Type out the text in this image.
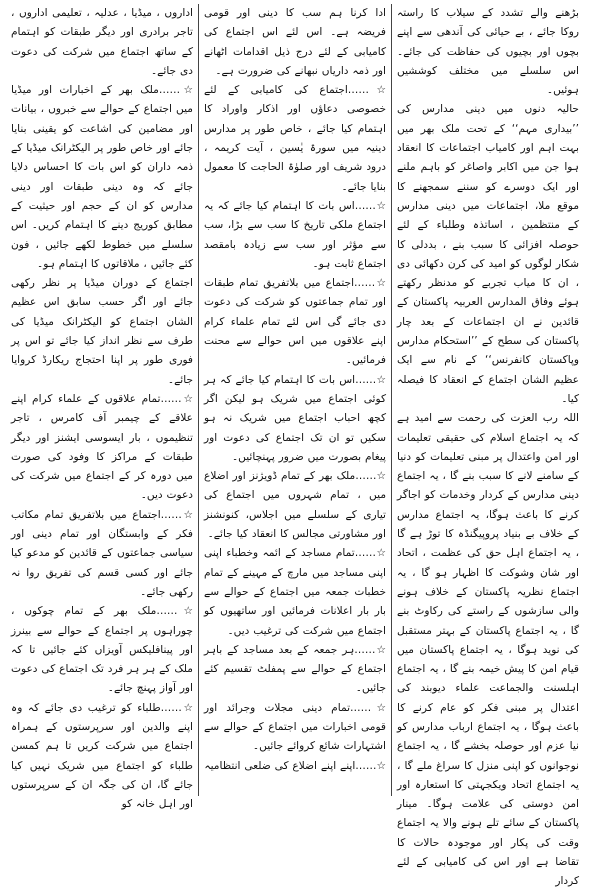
بڑھنے والے تشدد کے سیلاب کا راستہ روکا جائے ، بے حیائی کی آندھی سے اپنے بچوں اور بچیوں کی حفاظت کی جائے۔ اس سلسلے میں مختلف کوششیں ہوئیں۔

حالیہ دنوں میں دینی مدارس کی ’’بیداری مہم‘‘ کے تحت ملک بھر میں بہت اہم اور کامیاب اجتماعات کا انعقاد ہوا جن میں اکابر واصاغر کو باہم ملنے اور ایک دوسرے کو سننے سمجھنے کا موقع ملا، اجتماعات میں دینی مدارس کے منتظمین ، اساتذہ وطلباء کے لئے حوصلہ افزائی کا سبب بنے ، بددلی کا شکار لوگوں کو امید کی کرن دکھائی دی ، ان کا میاب تجربے کو مدنظر رکھتے ہوئے وفاق المدارس العربیہ پاکستان کے قائدین نے ان اجتماعات کے بعد چار پاکستان کی سطح کے ’’استحکام مدارس وپاکستان کانفرنس‘‘ کے نام سے ایک عظیم الشان اجتماع کے انعقاد کا فیصلہ کیا۔

اللہ رب العزت کی رحمت سے امید ہے کہ یہ اجتماع اسلام کی حقیقی تعلیمات اور امن واعتدال پر مبنی تعلیمات کو دنیا کے سامنے لانے کا سبب بنے گا ، یہ اجتماع دینی مدارس کے کردار وخدمات کو اجاگر کرنے کا باعث ہوگا، یہ اجتماع مدارس کے خلاف بے بنیاد پروپیگنڈہ کا توڑ ہے گا ، یہ اجتماع اہل حق کی عظمت ، اتحاد اور شان وشوکت کا اظہار ہو گا ، یہ اجتماع نظریہ پاکستان کے خلاف ہونے والی سازشوں کے راستے کی رکاوٹ بنے گا ، یہ اجتماع پاکستان کے بہتر مستقبل کی نوید ہوگا ، یہ اجتماع پاکستان میں قیام امن کا پیش خیمہ بنے گا ، یہ اجتماع اہلسنت والجماعت علماء دیوبند کی اعتدال پر مبنی فکر کو عام کرنے کا باعث ہوگا ، یہ اجتماع ارباب مدارس کو نیا عزم اور حوصلہ بخشے گا ، یہ اجتماع نوجوانوں کو اپنی منزل کا سراغ ملے گا ، یہ اجتماع اتحاد ویکجہتی کا استعارہ اور امن دوستی کی علامت ہوگا۔ مینار پاکستان کے سائے تلے ہونے والا یہ اجتماع وقت کی پکار اور موجودہ حالات کا تقاضا ہے اور اس کی کامیابی کے لئے کردار

ادا کرنا ہم سب کا دینی اور قومی فریضہ ہے۔ اس لئے اس اجتماع کی کامیابی کے لئے درج ذیل اقدامات اٹھانے اور ذمہ داریاں نبھانے کی ضرورت ہے۔

☆……اجتماع کی کامیابی کے لئے خصوصی دعاؤں اور اذکار واوراد کا اہتمام کیا جائے ، خاص طور پر مدارس دینیہ میں سورۃ یٰسین ، آیت کریمہ ، درود شریف اور صلوٰۃ الحاجت کا معمول بنایا جائے۔

☆……اس بات کا اہتمام کیا جائے کہ یہ اجتماع ملکی تاریخ کا سب سے بڑا، سب سے مؤثر اور سب سے زیادہ بامقصد اجتماع ثابت ہو۔

☆……اجتماع میں بلاتفریق تمام طبقات اور تمام جماعتوں کو شرکت کی دعوت دی جائے گی اس لئے تمام علماء کرام اپنے علاقوں میں اس حوالے سے محنت فرمائیں۔

☆……اس بات کا اہتمام کیا جائے کہ ہر کوئی اجتماع میں شریک ہو لیکن اگر کچھ احباب اجتماع میں شریک نہ ہو سکیں تو ان تک اجتماع کی دعوت اور پیغام بصورت میں ضرور پہنچائیں۔

☆……ملک بھر کے تمام ڈویژنز اور اضلاع میں ، تمام شہروں میں اجتماع کی تیاری کے سلسلے میں اجلاس، کنونشنز اور مشاورتی مجالس کا انعقاد کیا جائے۔

☆……تمام مساجد کے ائمہ وخطباء اپنی اپنی مساجد میں مارچ کے مہینے کے تمام خطبات جمعہ میں اجتماع کے حوالے سے بار بار اعلانات فرمائیں اور ساتھیوں کو اجتماع میں شرکت کی ترغیب دیں۔

☆……ہر جمعہ کے بعد مساجد کے باہر اجتماع کے حوالے سے پمفلٹ تقسیم کئے جائیں۔

☆……تمام دینی مجلات وجرائد اور قومی اخبارات میں اجتماع کے حوالے سے اشتہارات شائع کروائے جائیں۔

☆……اپنے اپنے اضلاع کی ضلعی انتظامیہ

اداروں ، میڈیا ، عدلیہ ، تعلیمی اداروں ، تاجر برادری اور دیگر طبقات کو اہتمام کے ساتھ اجتماع میں شرکت کی دعوت دی جائے۔

☆……ملک بھر کے اخبارات اور میڈیا میں اجتماع کے حوالے سے خبروں ، بیانات اور مضامین کی اشاعت کو یقینی بنایا جائے اور خاص طور پر الیکٹرانک میڈیا کے ذمہ داران کو اس بات کا احساس دلایا جائے کہ وہ دینی طبقات اور دینی مدارس کو ان کے حجم اور حیثیت کے مطابق کوریج دینے کا اہتمام کریں۔ اس سلسلے میں خطوط لکھے جائیں ، فون کئے جائیں ، ملاقاتوں کا اہتمام ہو۔

اجتماع کے دوران میڈیا پر نظر رکھی جائے اور اگر حسب سابق اس عظیم الشان اجتماع کو الیکٹرانک میڈیا کی طرف سے نظر انداز کیا جائے تو اس پر فوری طور پر اپنا احتجاج ریکارڈ کروایا جائے۔

☆……تمام علاقوں کے علماء کرام اپنے علاقے کے چیمبر آف کامرس ، تاجر تنظیموں ، بار ایسوسی ایشنز اور دیگر طبقات کے مراکز کا وفود کی صورت میں دورہ کر کے اجتماع میں شرکت کی دعوت دیں۔

☆……اجتماع میں بلاتفریق تمام مکاتب فکر کے وابستگان اور تمام دینی اور سیاسی جماعتوں کے قائدین کو مدعو کیا جائے اور کسی قسم کی تفریق روا نہ رکھی جائے۔

☆……ملک بھر کے تمام چوکوں ، چوراہوں پر اجتماع کے حوالے سے بینرز اور پینافلیکس آویزاں کئے جائیں تا کہ ملک کے ہر ہر فرد تک اجتماع کی دعوت اور آواز پہنچ جائے۔

☆……طلباء کو ترغیب دی جائے کہ وہ اپنے والدین اور سرپرستوں کے ہمراہ اجتماع میں شرکت کریں تا ہم کمسن طلباء کو اجتماع میں شریک نہیں کیا جائے گا، ان کی جگہ ان کے سرپرستوں اور اہل خانہ کو
